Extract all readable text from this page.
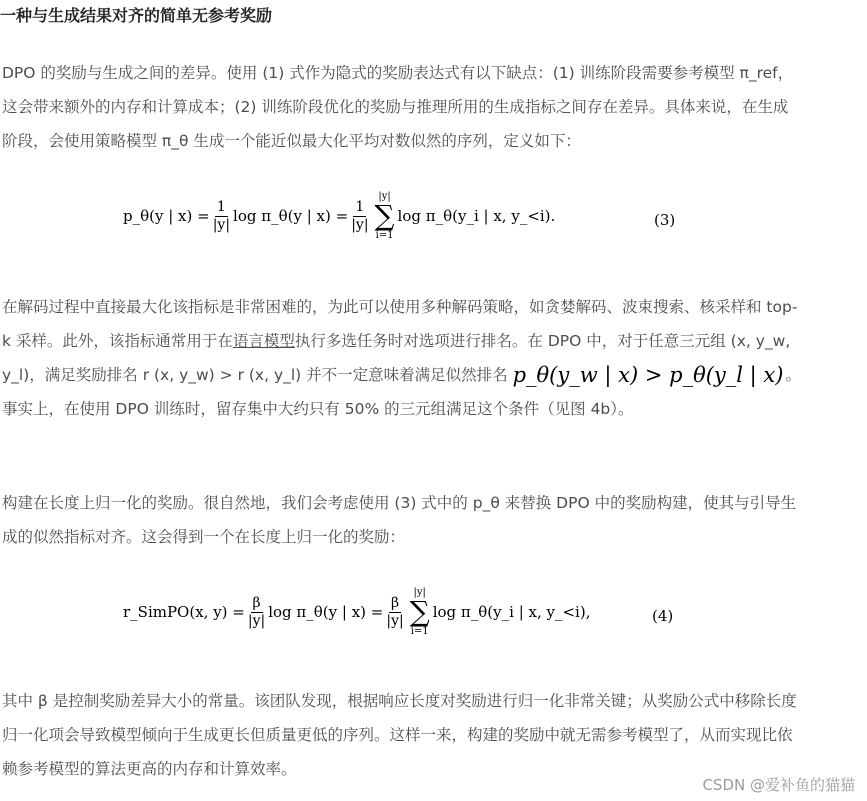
一种与生成结果对齐的简单无参考奖励

DPO 的奖励与生成之间的差异。使用 (1) 式作为隐式的奖励表达式有以下缺点：(1) 训练阶段需要参考模型 π_ref，这会带来额外的内存和计算成本；(2) 训练阶段优化的奖励与推理所用的生成指标之间存在差异。具体来说，在生成阶段，会使用策略模型 π_θ 生成一个能近似最大化平均对数似然的序列，定义如下：

p_θ(y | $x) = \frac{1}{|y|}$ log π_θ(y | $x) = \frac{1}{|y|}$
|y|
∑
i=1
log π_θ(y_i | x, y_<i).	(3)

在解码过程中直接最大化该指标是非常困难的，为此可以使用多种解码策略，如贪婪解码、波束搜索、核采样和 top-k 采样。此外，该指标通常用于在语言模型执行多选任务时对选项进行排名。在 DPO 中，对于任意三元组 (x, y_w, y_l)，满足奖励排名 r (x, y_w) > r (x, y_l) 并不一定意味着满足似然排名 p_θ(y_w | x) > p_θ(y_l | x) 。事实上，在使用 DPO 训练时，留存集中大约只有 50% 的三元组满足这个条件（见图 4b）。

构建在长度上归一化的奖励。很自然地，我们会考虑使用 (3) 式中的 p_θ 来替换 DPO 中的奖励构建，使其与引导生成的似然指标对齐。这会得到一个在长度上归一化的奖励：

r_SimPO(x, $y) = \frac{\beta}{|y|}$ log π_θ(y | $x) = \frac{\beta}{|y|}$
|y|
∑
i=1
log π_θ(y_i | x, y_<i),	(4)

其中 β 是控制奖励差异大小的常量。该团队发现，根据响应长度对奖励进行归一化非常关键；从奖励公式中移除长度归一化项会导致模型倾向于生成更长但质量更低的序列。这样一来，构建的奖励中就无需参考模型了，从而实现比依赖参考模型的算法更高的内存和计算效率。

CSDN @爱补鱼的猫猫
